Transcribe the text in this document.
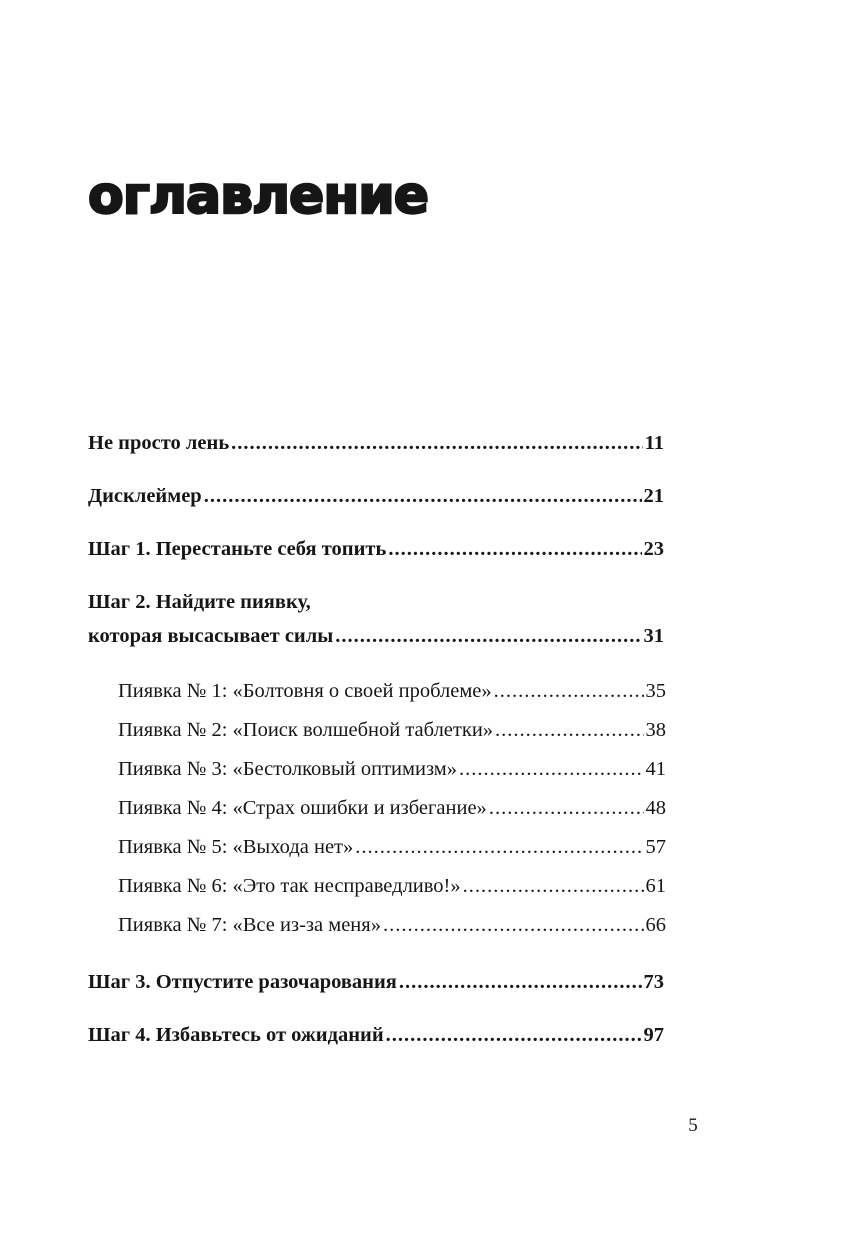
оглавление
Не просто лень .....	11
Дисклеймер .....	21
Шаг 1. Перестаньте себя топить .....	23
Шаг 2. Найдите пиявку,
которая высасывает силы .....	31
Пиявка № 1: «Болтовня о своей проблеме» .....	35
Пиявка № 2: «Поиск волшебной таблетки» .....	38
Пиявка № 3: «Бестолковый оптимизм» .....	41
Пиявка № 4: «Страх ошибки и избегание» .....	48
Пиявка № 5: «Выхода нет» .....	57
Пиявка № 6: «Это так несправедливо!» .....	61
Пиявка № 7: «Все из-за меня» .....	66
Шаг 3. Отпустите разочарования .....	73
Шаг 4. Избавьтесь от ожиданий .....	97
5
